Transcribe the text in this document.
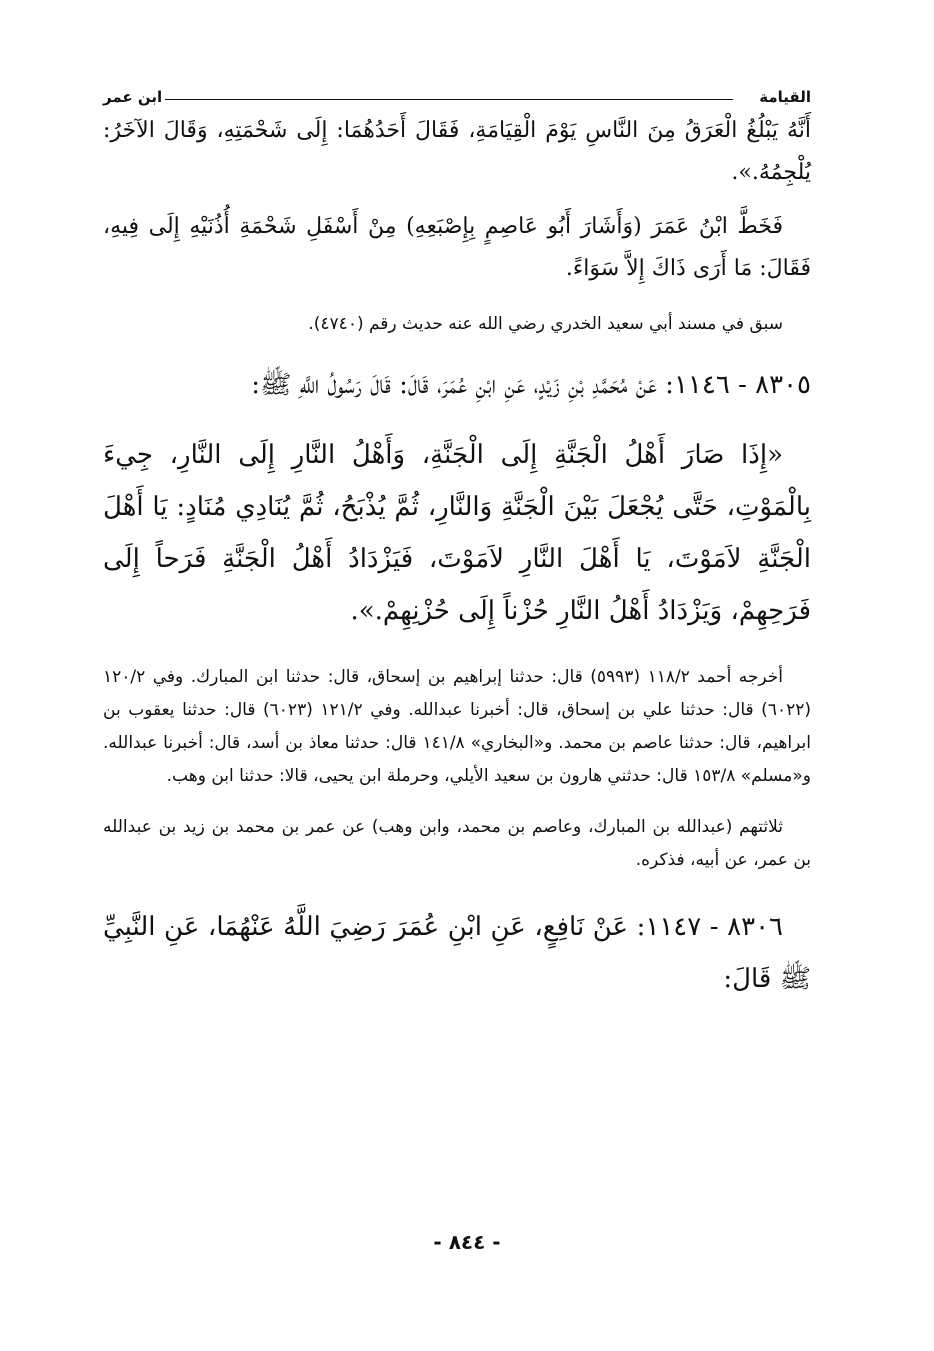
القيامة
ابن عمر

أَنَّهُ يَبْلُغُ الْعَرَقُ مِنَ النَّاسِ يَوْمَ الْقِيَامَةِ، فَقَالَ أَحَدُهُمَا: إِلَى شَحْمَتِهِ، وَقَالَ الآخَرُ: يُلْجِمُهُ.».

فَخَطَّ ابْنُ عَمَرَ (وَأَشَارَ أَبُو عَاصِمٍ بِإِصْبَعِهِ) مِنْ أَسْفَلِ شَحْمَةِ أُذُنَيْهِ إِلَى فِيهِ، فَقَالَ: مَا أَرَى ذَاكَ إِلاَّ سَوَاءً.

سبق في مسند أبي سعيد الخدري رضي الله عنه حديث رقم (٤٧٤٠).

٨٣٠٥ - ١١٤٦: عَنْ مُحَمَّدِ بْنِ زَيْدٍ، عَنِ ابْنِ عُمَرَ، قَالَ: قَالَ رَسُولُ اللَّهِ ﷺ:

«إِذَا صَارَ أَهْلُ الْجَنَّةِ إِلَى الْجَنَّةِ، وَأَهْلُ النَّارِ إِلَى النَّارِ، جِيءَ بِالْمَوْتِ، حَتَّى يُجْعَلَ بَيْنَ الْجَنَّةِ وَالنَّارِ، ثُمَّ يُذْبَحُ، ثُمَّ يُنَادِي مُنَادٍ: يَا أَهْلَ الْجَنَّةِ لاَمَوْتَ، يَا أَهْلَ النَّارِ لاَمَوْتَ، فَيَزْدَادُ أَهْلُ الْجَنَّةِ فَرَحاً إِلَى فَرَحِهِمْ، وَيَزْدَادُ أَهْلُ النَّارِ حُزْناً إِلَى حُزْنِهِمْ.».

أخرجه أحمد ١١٨/٢ (٥٩٩٣) قال: حدثنا إبراهيم بن إسحاق، قال: حدثنا ابن المبارك. وفي ١٢٠/٢ (٦٠٢٢) قال: حدثنا علي بن إسحاق، قال: أخبرنا عبدالله. وفي ١٢١/٢ (٦٠٢٣) قال: حدثنا يعقوب بن ابراهيم، قال: حدثنا عاصم بن محمد. و«البخاري» ١٤١/٨ قال: حدثنا معاذ بن أسد، قال: أخبرنا عبدالله. و«مسلم» ١٥٣/٨ قال: حدثني هارون بن سعيد الأيلي، وحرملة ابن يحيى، قالا: حدثنا ابن وهب.

ثلاثتهم (عبدالله بن المبارك، وعاصم بن محمد، وابن وهب) عن عمر بن محمد بن زيد بن عبدالله بن عمر، عن أبيه، فذكره.

٨٣٠٦ - ١١٤٧: عَنْ نَافِعٍ، عَنِ ابْنِ عُمَرَ رَضِيَ اللَّهُ عَنْهُمَا، عَنِ النَّبِيِّ ﷺ قَالَ:

- ٨٤٤ -
